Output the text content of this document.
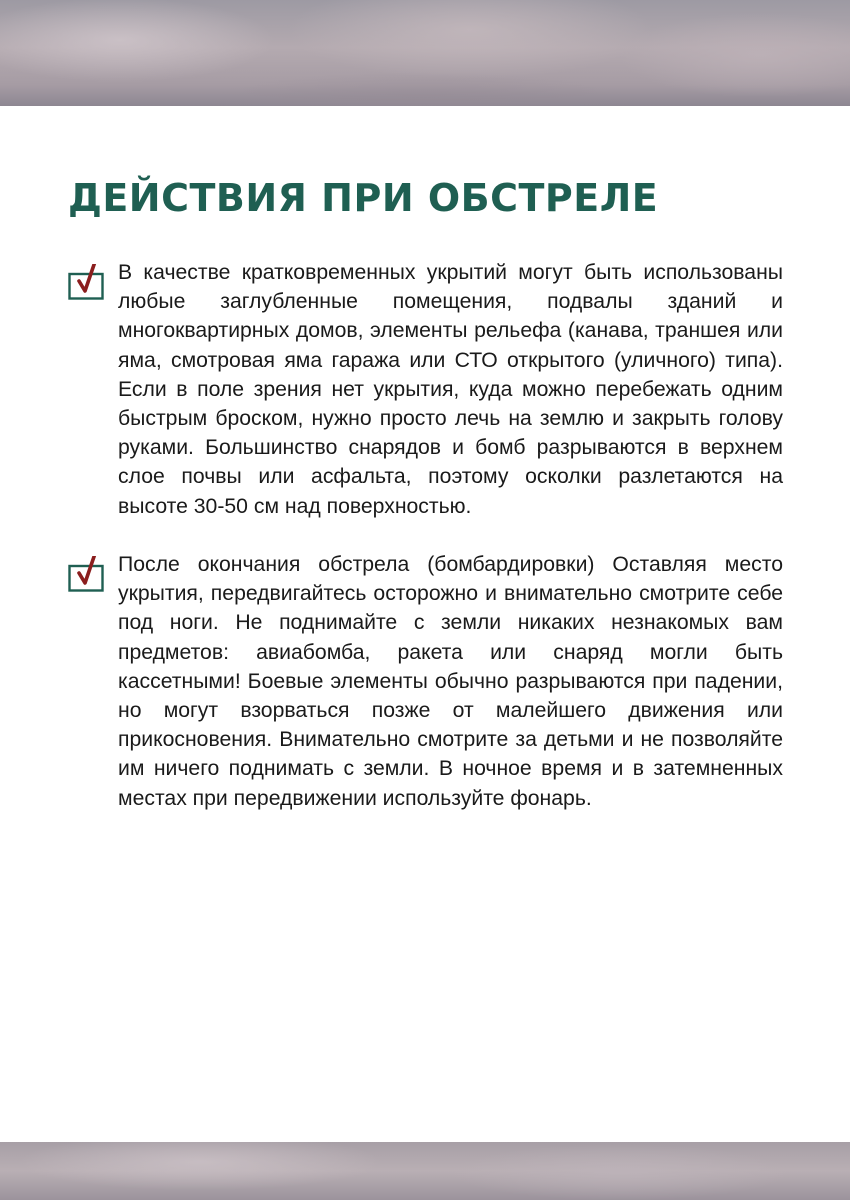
ДЕЙСТВИЯ ПРИ ОБСТРЕЛЕ

В качестве кратковременных укрытий могут быть использованы любые заглубленные помещения, подвалы зданий и многоквартирных домов, элементы рельефа (канава, траншея или яма, смотровая яма гаража или СТО открытого (уличного) типа). Если в поле зрения нет укрытия, куда можно перебежать одним быстрым броском, нужно просто лечь на землю и закрыть голову руками. Большинство снарядов и бомб разрываются в верхнем слое почвы или асфальта, поэтому осколки разлетаются на высоте 30-50 см над поверхностью.

После окончания обстрела (бомбардировки) Оставляя место укрытия, передвигайтесь осторожно и внимательно смотрите себе под ноги. Не поднимайте с земли никаких незнакомых вам предметов: авиабомба, ракета или снаряд могли быть кассетными! Боевые элементы обычно разрываются при падении, но могут взорваться позже от малейшего движения или прикосновения. Внимательно смотрите за детьми и не позволяйте им ничего поднимать с земли. В ночное время и в затемненных местах при передвижении используйте фонарь.
